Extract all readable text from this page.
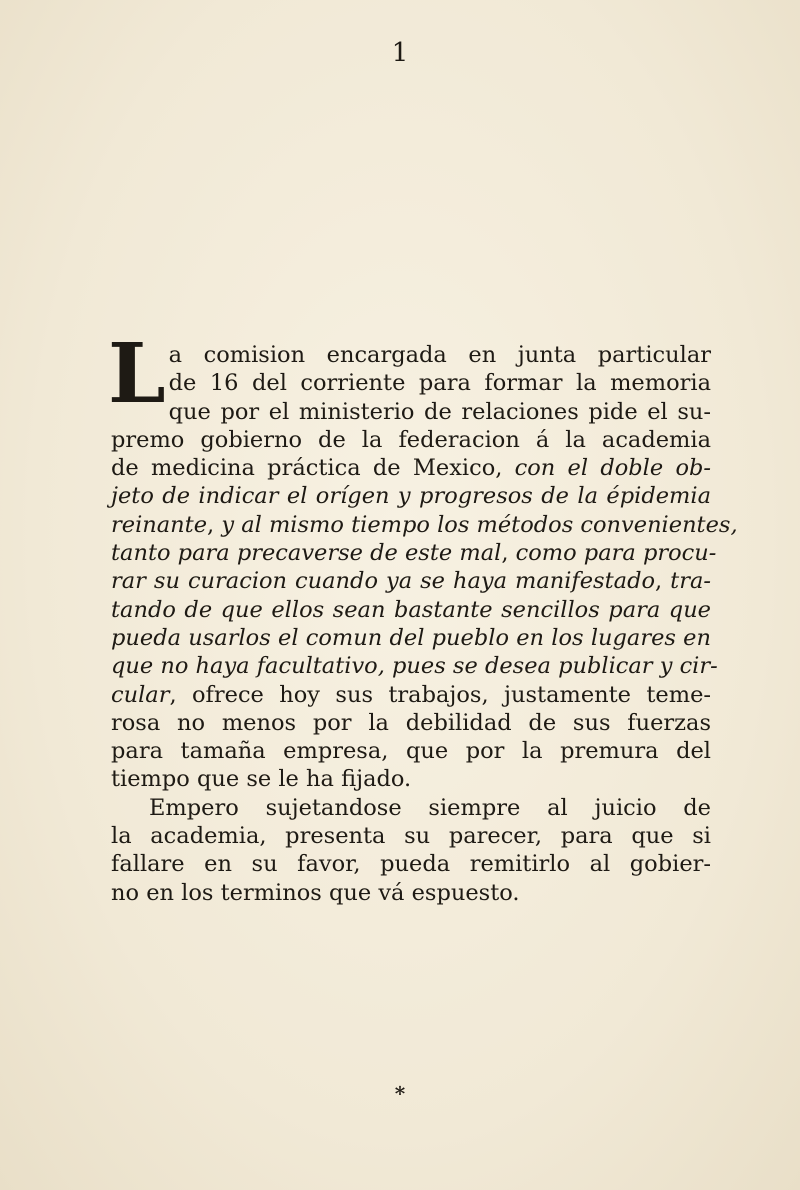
1
L a comision encargada en junta particular
de 16 del corriente para formar la memoria
que por el ministerio de relaciones pide el su-
premo gobierno de la federacion á la academia
de medicina práctica de Mexico, con el doble ob-
jeto de indicar el orígen y progresos de la épidemia
reinante, y al mismo tiempo los métodos convenientes,
tanto para precaverse de este mal, como para procu-
rar su curacion cuando ya se haya manifestado, tra-
tando de que ellos sean bastante sencillos para que
pueda usarlos el comun del pueblo en los lugares en
que no haya facultativo, pues se desea publicar y cir-
cular, ofrece hoy sus trabajos, justamente teme-
rosa no menos por la debilidad de sus fuerzas
para tamaña empresa, que por la premura del
tiempo que se le ha fijado.
Empero sujetandose siempre al juicio de
la academia, presenta su parecer, para que si
fallare en su favor, pueda remitirlo al gobier-
no en los terminos que vá espuesto.
⁎
